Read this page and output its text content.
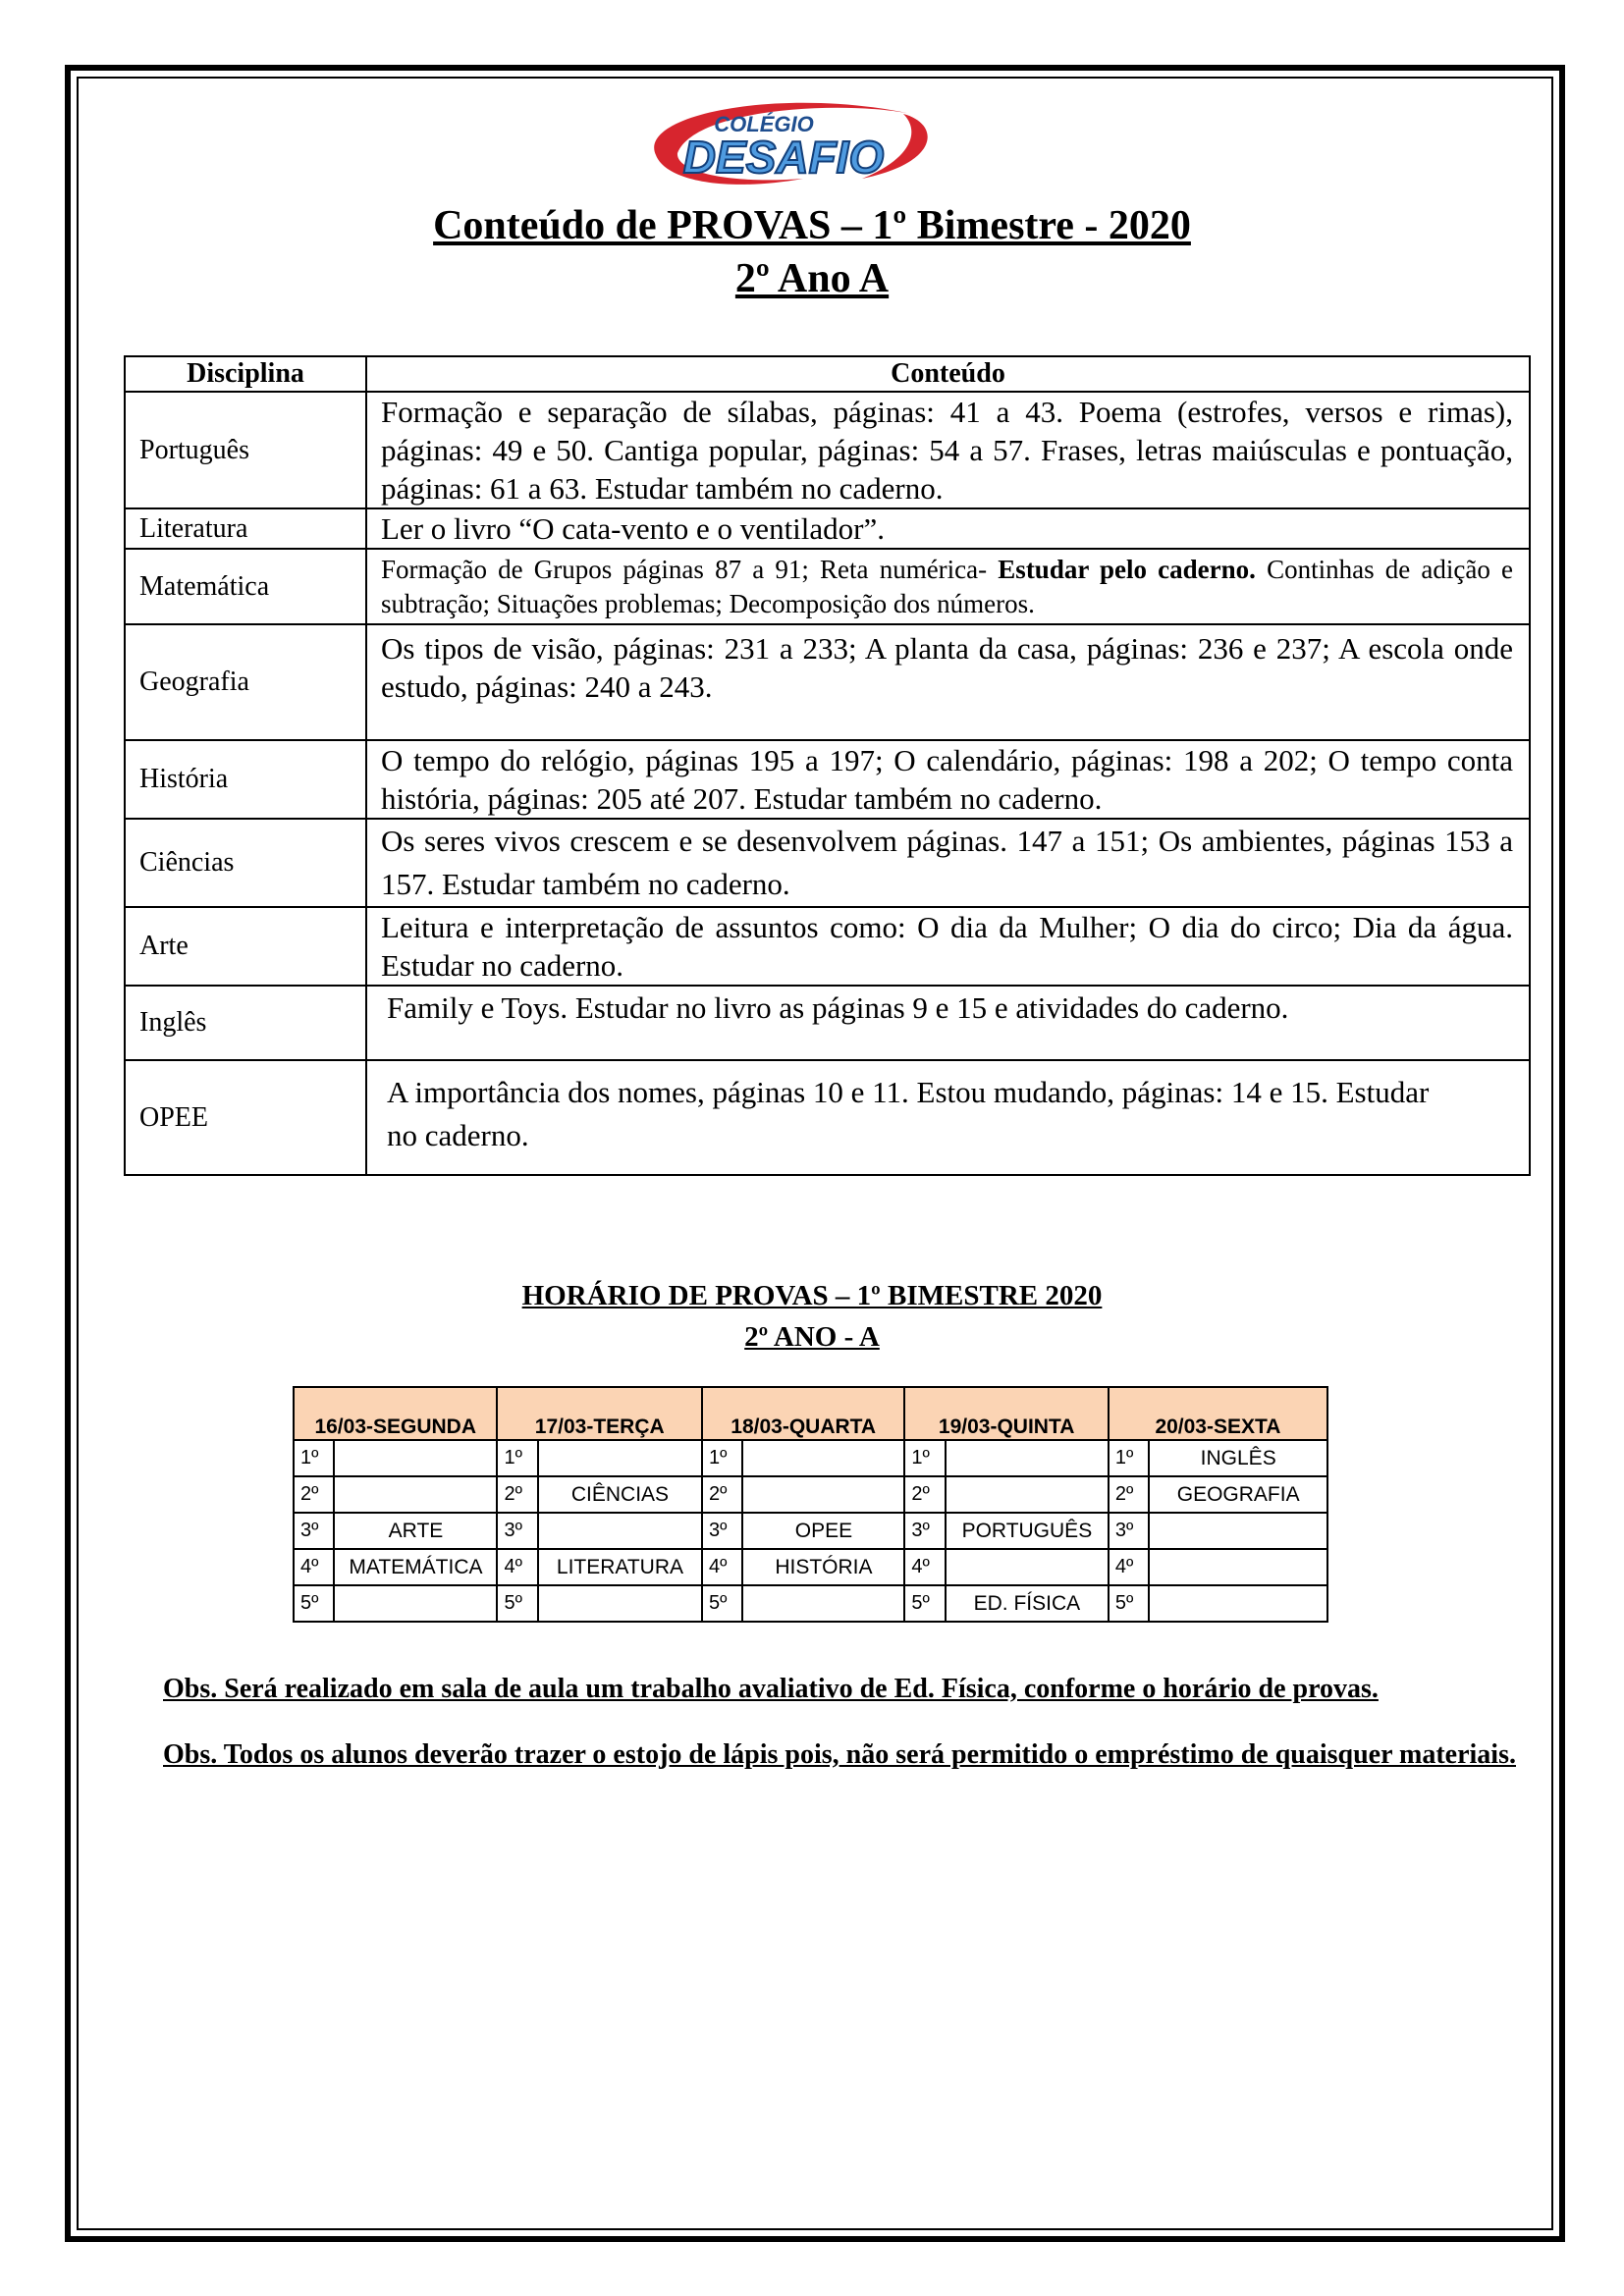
COLÉGIO
DESAFIO
Conteúdo de PROVAS – 1º Bimestre - 2020
2º Ano A
Disciplina	Conteúdo
Português	Formação e separação de sílabas, páginas: 41 a 43. Poema (estrofes, versos e rimas), páginas: 49 e 50. Cantiga popular, páginas: 54 a 57. Frases, letras maiúsculas e pontuação, páginas: 61 a 63. Estudar também no caderno.
Literatura	Ler o livro “O cata-vento e o ventilador”.
Matemática	Formação de Grupos páginas 87 a 91; Reta numérica- Estudar pelo caderno. Continhas de adição e subtração; Situações problemas; Decomposição dos números.
Geografia	Os tipos de visão, páginas: 231 a 233; A planta da casa, páginas: 236 e 237; A escola onde estudo, páginas: 240 a 243.
História	O tempo do relógio, páginas 195 a 197; O calendário, páginas: 198 a 202; O tempo conta história, páginas: 205 até 207. Estudar também no caderno.
Ciências	Os seres vivos crescem e se desenvolvem páginas. 147 a 151; Os ambientes, páginas 153 a 157. Estudar também no caderno.
Arte	Leitura e interpretação de assuntos como: O dia da Mulher; O dia do circo; Dia da água. Estudar no caderno.
Inglês	Family e Toys. Estudar no livro as páginas 9 e 15 e atividades do caderno.
OPEE	A importância dos nomes, páginas 10 e 11. Estou mudando, páginas: 14 e 15. Estudar no caderno.
HORÁRIO DE PROVAS – 1º BIMESTRE 2020
2º ANO - A
16/03-SEGUNDA		17/03-TERÇA		18/03-QUARTA		19/03-QUINTA		20/03-SEXTA	
1º		1º		1º		1º		1º	INGLÊS
2º		2º	CIÊNCIAS	2º		2º		2º	GEOGRAFIA
3º	ARTE	3º		3º	OPEE	3º	PORTUGUÊS	3º	
4º	MATEMÁTICA	4º	LITERATURA	4º	HISTÓRIA	4º		4º	
5º		5º		5º		5º	ED. FÍSICA	5º	
Obs. Será realizado em sala de aula um trabalho avaliativo de Ed. Física, conforme o horário de provas.
Obs. Todos os alunos deverão trazer o estojo de lápis pois, não será permitido o empréstimo de quaisquer materiais.
